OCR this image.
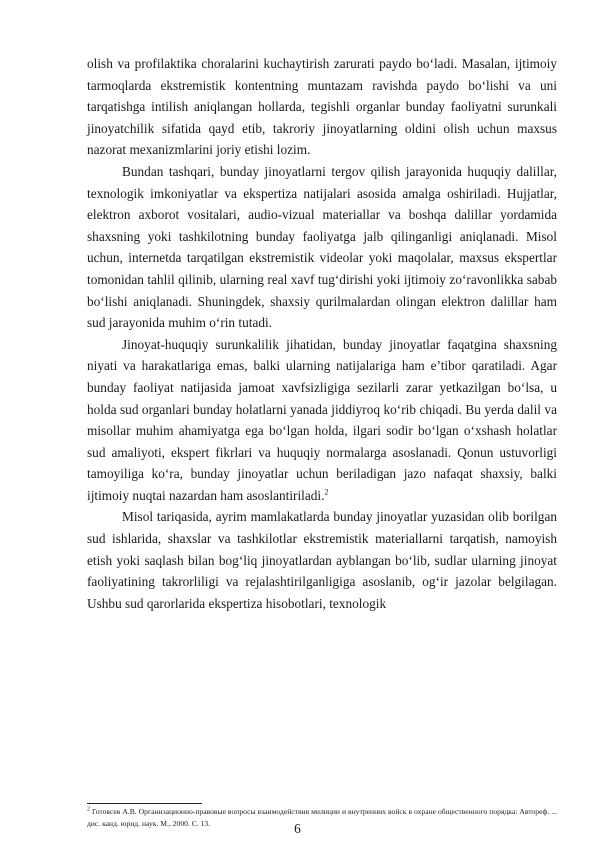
olish va profilaktika choralarini kuchaytirish zarurati paydo bo‘ladi. Masalan, ijtimoiy tarmoqlarda ekstremistik kontentning muntazam ravishda paydo bo‘lishi va uni tarqatishga intilish aniqlangan hollarda, tegishli organlar bunday faoliyatni surunkali jinoyatchilik sifatida qayd etib, takroriy jinoyatlarning oldini olish uchun maxsus nazorat mexanizmlarini joriy etishi lozim.

Bundan tashqari, bunday jinoyatlarni tergov qilish jarayonida huquqiy dalillar, texnologik imkoniyatlar va ekspertiza natijalari asosida amalga oshiriladi. Hujjatlar, elektron axborot vositalari, audio-vizual materiallar va boshqa dalillar yordamida shaxsning yoki tashkilotning bunday faoliyatga jalb qilinganligi aniqlanadi. Misol uchun, internetda tarqatilgan ekstremistik videolar yoki maqolalar, maxsus ekspertlar tomonidan tahlil qilinib, ularning real xavf tug‘dirishi yoki ijtimoiy zo‘ravonlikka sabab bo‘lishi aniqlanadi. Shuningdek, shaxsiy qurilmalardan olingan elektron dalillar ham sud jarayonida muhim o‘rin tutadi.

Jinoyat-huquqiy surunkalilik jihatidan, bunday jinoyatlar faqatgina shaxsning niyati va harakatlariga emas, balki ularning natijalariga ham e’tibor qaratiladi. Agar bunday faoliyat natijasida jamoat xavfsizligiga sezilarli zarar yetkazilgan bo‘lsa, u holda sud organlari bunday holatlarni yanada jiddiyroq ko‘rib chiqadi. Bu yerda dalil va misollar muhim ahamiyatga ega bo‘lgan holda, ilgari sodir bo‘lgan o‘xshash holatlar sud amaliyoti, ekspert fikrlari va huquqiy normalarga asoslanadi. Qonun ustuvorligi tamoyiliga ko‘ra, bunday jinoyatlar uchun beriladigan jazo nafaqat shaxsiy, balki ijtimoiy nuqtai nazardan ham asoslantiriladi.$^2$

Misol tariqasida, ayrim mamlakatlarda bunday jinoyatlar yuzasidan olib borilgan sud ishlarida, shaxslar va tashkilotlar ekstremistik materiallarni tarqatish, namoyish etish yoki saqlash bilan bog‘liq jinoyatlardan ayblangan bo‘lib, sudlar ularning jinoyat faoliyatining takrorliligi va rejalashtirilganligiga asoslanib, og‘ir jazolar belgilagan. Ushbu sud qarorlarida ekspertiza hisobotlari, texnologik

$^2$ Готовсев А.В. Организационно-правовые вопросы взаимодействия милиции и внутренних войск в охране общественного порядка: Автореф. ... дис. канд. юрид. наук. М., 2000. С. 13.	6
